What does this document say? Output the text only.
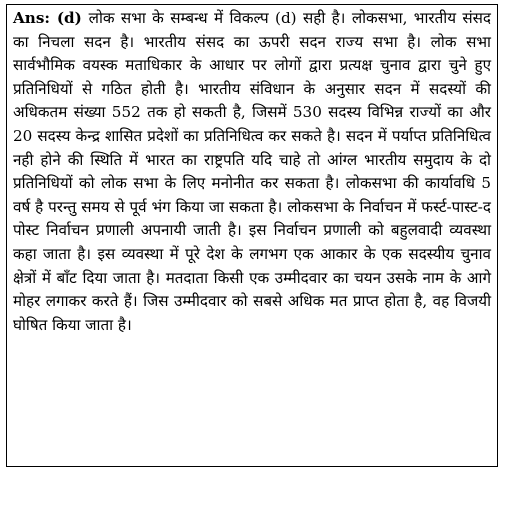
Ans: (d) लोक सभा के सम्बन्ध में विकल्प (d) सही है। लोकसभा, भारतीय संसद का निचला सदन है। भारतीय संसद का ऊपरी सदन राज्य सभा है। लोक सभा सार्वभौमिक वयस्क मताधिकार के आधार पर लोगों द्वारा प्रत्यक्ष चुनाव द्वारा चुने हुए प्रतिनिधियों से गठित होती है। भारतीय संविधान के अनुसार सदन में सदस्यों की अधिकतम संख्या 552 तक हो सकती है, जिसमें 530 सदस्य विभिन्न राज्यों का और 20 सदस्य केन्द्र शासित प्रदेशों का प्रतिनिधित्व कर सकते है। सदन में पर्याप्त प्रतिनिधित्व नही होने की स्थिति में भारत का राष्ट्रपति यदि चाहे तो आंग्ल भारतीय समुदाय के दो प्रतिनिधियों को लोक सभा के लिए मनोनीत कर सकता है। लोकसभा की कार्यावधि 5 वर्ष है परन्तु समय से पूर्व भंग किया जा सकता है। लोकसभा के निर्वाचन में फर्स्ट-पास्ट-द पोस्ट निर्वाचन प्रणाली अपनायी जाती है। इस निर्वाचन प्रणाली को बहुलवादी व्यवस्था कहा जाता है। इस व्यवस्था में पूरे देश के लगभग एक आकार के एक सदस्यीय चुनाव क्षेत्रों में बाँट दिया जाता है। मतदाता किसी एक उम्मीदवार का चयन उसके नाम के आगे मोहर लगाकर करते हैं। जिस उम्मीदवार को सबसे अधिक मत प्राप्त होता है, वह विजयी घोषित किया जाता है।
